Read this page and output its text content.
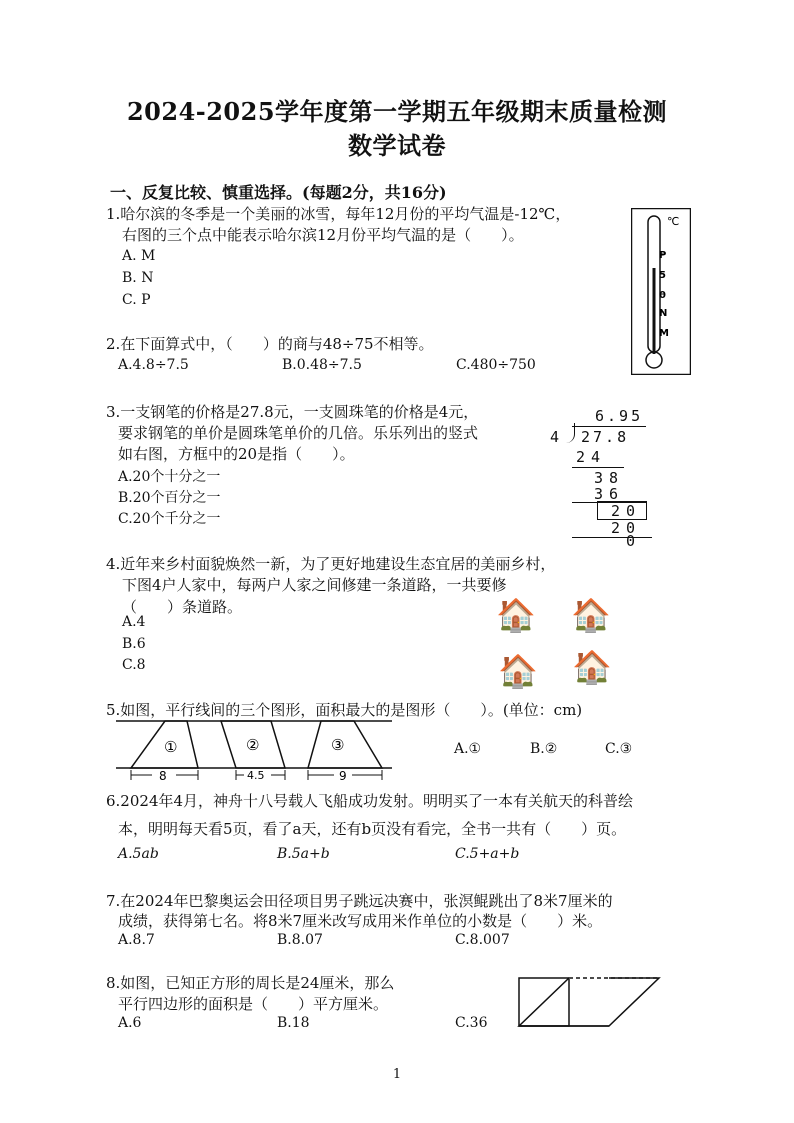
2024-2025学年度第一学期五年级期末质量检测
数学试卷
一、反复比较、慎重选择。(每题2分，共16分)
1.哈尔滨的冬季是一个美丽的冰雪，每年12月份的平均气温是-12℃，
右图的三个点中能表示哈尔滨12月份平均气温的是（　　）。
A. M
B. N
C. P
℃
P
5
0
N
M
2.在下面算式中，（　　）的商与48÷75不相等。
A.4.8÷7.5	B.0.48÷7.5	C.480÷750
3.一支钢笔的价格是27.8元，一支圆珠笔的价格是4元，
要求钢笔的单价是圆珠笔单价的几倍。乐乐列出的竖式
如右图，方框中的20是指（　　）。
A.20个十分之一
B.20个百分之一
C.20个千分之一
6.95
4 27.8
24
38
36
20
20
0
4.近年来乡村面貌焕然一新，为了更好地建设生态宜居的美丽乡村，
下图4户人家中，每两户人家之间修建一条道路，一共要修
（　　）条道路。
A.4
B.6
C.8
🏠 🏠
🏠 🏠
5.如图，平行线间的三个图形，面积最大的是图形（　　）。(单位：cm)
①	②	③
8	4.5	9
A.①	B.②	C.③
6.2024年4月，神舟十八号载人飞船成功发射。明明买了一本有关航天的科普绘
本，明明每天看5页，看了a天，还有b页没有看完，全书一共有（　　）页。
A.5ab	B.5a+b	C.5+a+b
7.在2024年巴黎奥运会田径项目男子跳远决赛中，张溟鲲跳出了8米7厘米的
成绩，获得第七名。将8米7厘米改写成用米作单位的小数是（　　）米。
A.8.7	B.8.07	C.8.007
8.如图，已知正方形的周长是24厘米，那么
平行四边形的面积是（　　）平方厘米。
A.6	B.18	C.36
1
